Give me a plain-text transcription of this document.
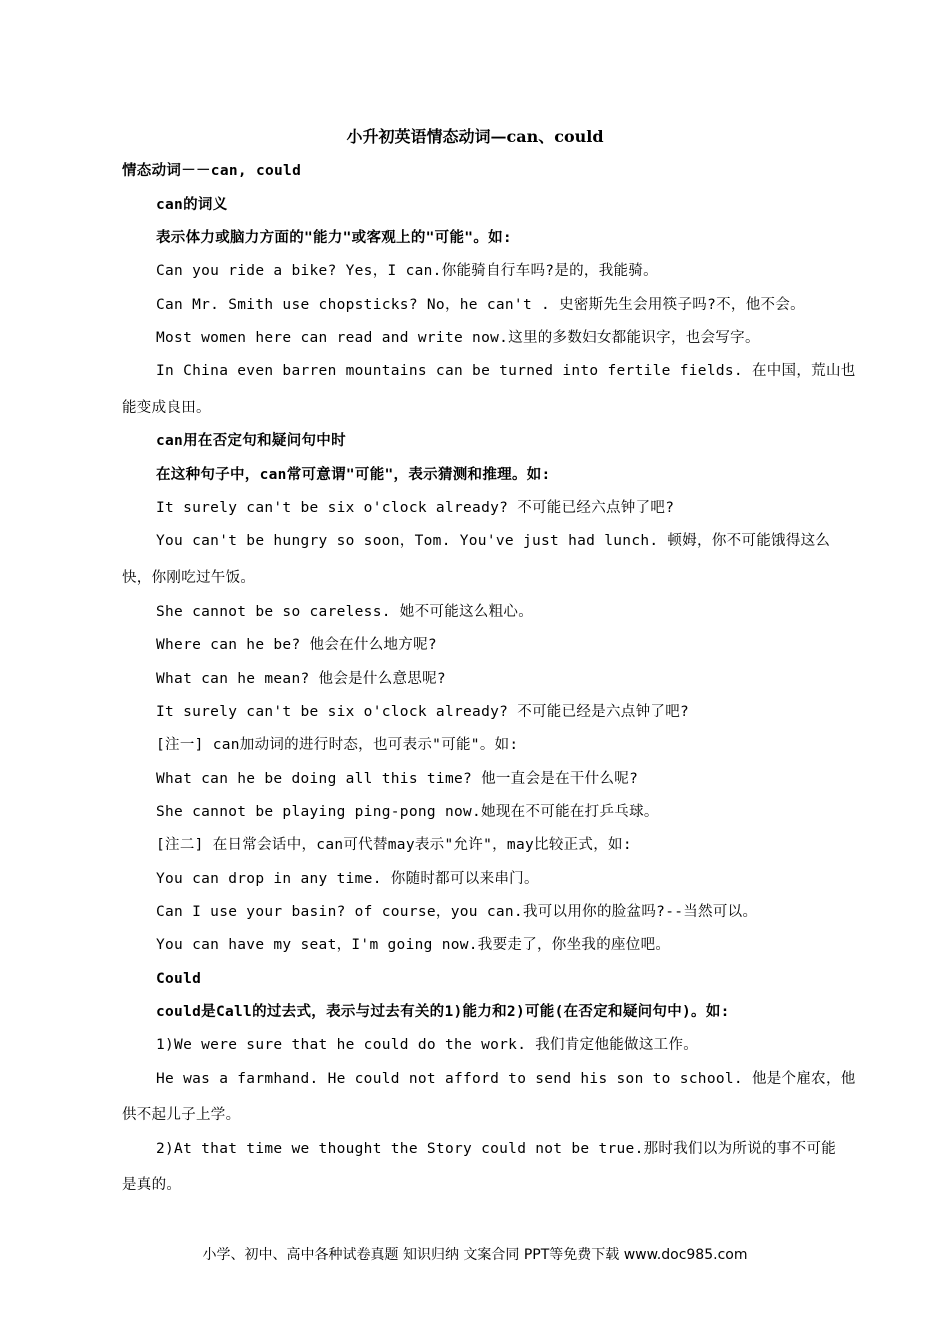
小升初英语情态动词—can、could
情态动词－－can, could
can的词义
表示体力或脑力方面的"能力"或客观上的"可能"。如:
Can you ride a bike? Yes，I can.你能骑自行车吗?是的，我能骑。
Can Mr. Smith use chopsticks? No，he can't . 史密斯先生会用筷子吗?不，他不会。
Most women here can read and write now.这里的多数妇女都能识字，也会写字。
In China even barren mountains can be turned into fertile fields. 在中国，荒山也
能变成良田。
can用在否定句和疑问句中时
在这种句子中，can常可意谓"可能"，表示猜测和推理。如:
It surely can't be six o'clock already? 不可能已经六点钟了吧?
You can't be hungry so soon，Tom. You've just had lunch. 顿姆，你不可能饿得这么
快，你刚吃过午饭。
She cannot be so careless. 她不可能这么粗心。
Where can he be? 他会在什么地方呢?
What can he mean? 他会是什么意思呢?
It surely can't be six o'clock already? 不可能已经是六点钟了吧?
[注一] can加动词的进行时态，也可表示"可能"。如:
What can he be doing all this time? 他一直会是在干什么呢?
She cannot be playing ping-pong now.她现在不可能在打乒乓球。
[注二] 在日常会话中，can可代替may表示"允许"，may比较正式，如:
You can drop in any time. 你随时都可以来串门。
Can I use your basin? of course，you can.我可以用你的脸盆吗?--当然可以。
You can have my seat，I'm going now.我要走了，你坐我的座位吧。
Could
could是Call的过去式，表示与过去有关的1)能力和2)可能(在否定和疑问句中)。如:
1)We were sure that he could do the work. 我们肯定他能做这工作。
He was a farmhand. He could not afford to send his son to school. 他是个雇农，他
供不起儿子上学。
2)At that time we thought the Story could not be true.那时我们以为所说的事不可能
是真的。
小学、初中、高中各种试卷真题 知识归纳 文案合同 PPT等免费下载 www.doc985.com
